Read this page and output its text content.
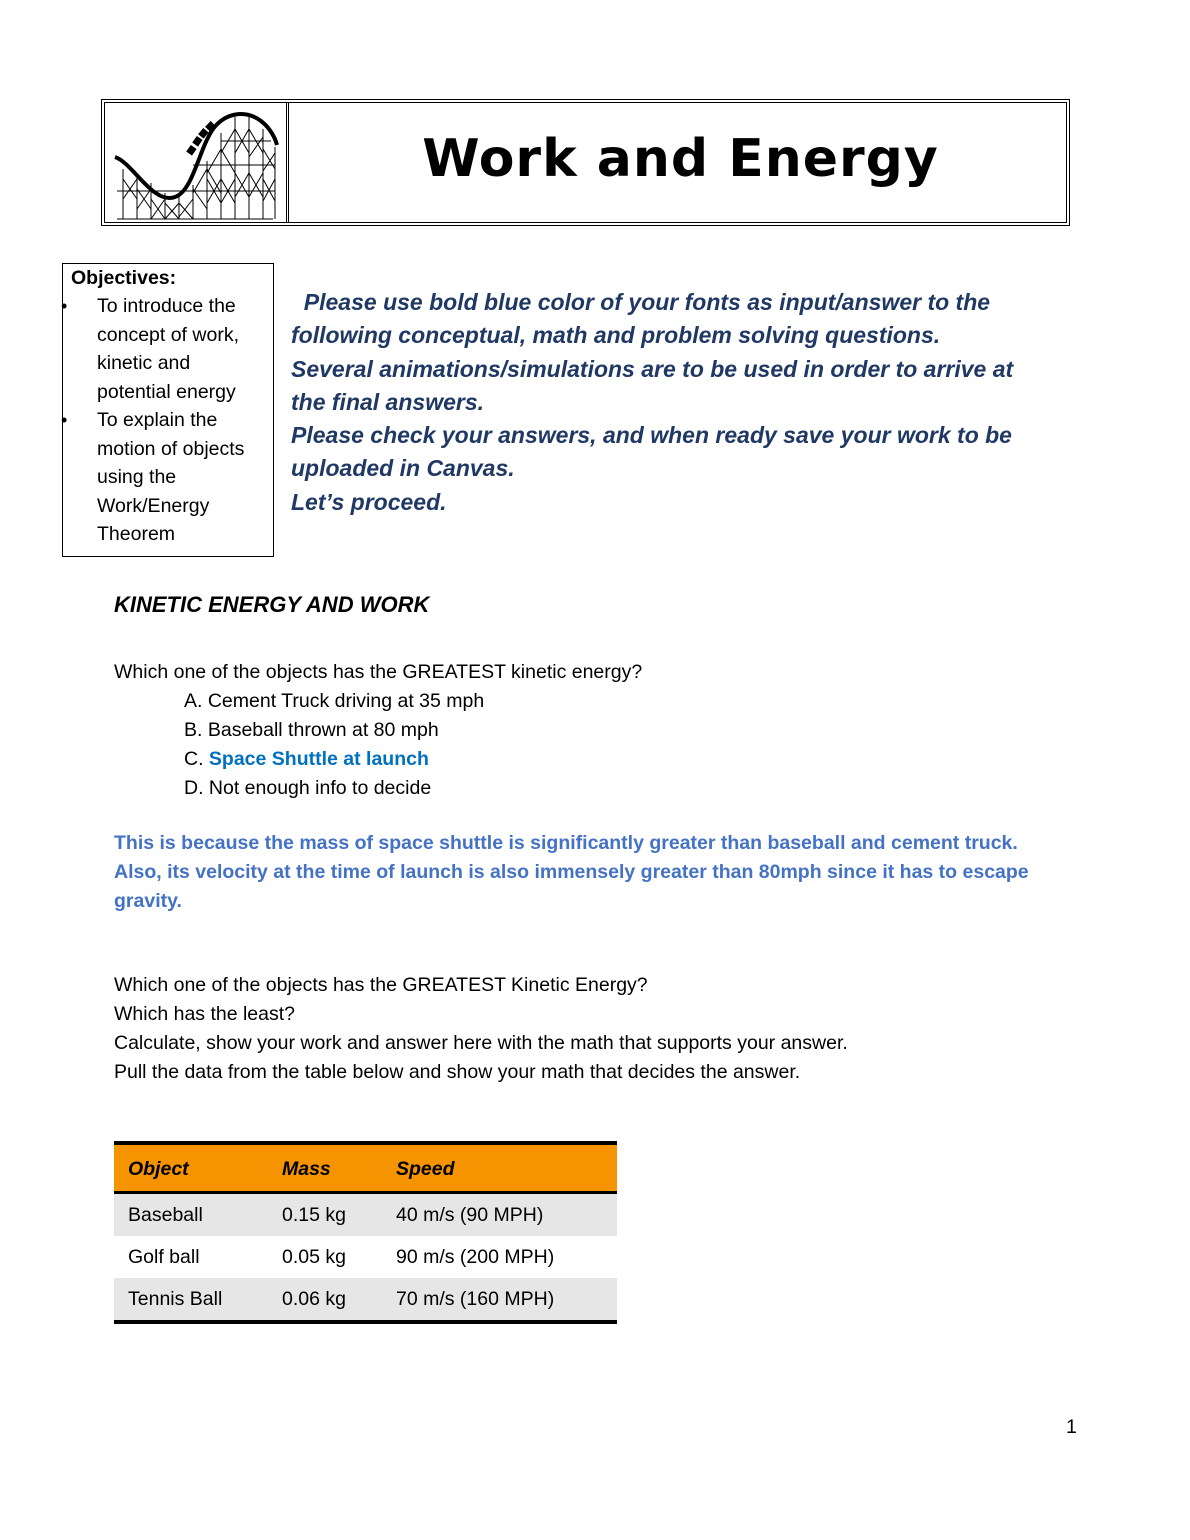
Work and Energy
Objectives:
• To introduce the
concept of work,
kinetic and
potential energy
• To explain the
motion of objects
using the
Work/Energy
Theorem
Please use bold blue color of your fonts as input/answer to the
following conceptual, math and problem solving questions.
Several animations/simulations are to be used in order to arrive at
the final answers.
Please check your answers, and when ready save your work to be
uploaded in Canvas.
Let’s proceed.
KINETIC ENERGY AND WORK
Which one of the objects has the GREATEST kinetic energy?
A. Cement Truck driving at 35 mph
B. Baseball thrown at 80 mph
C. Space Shuttle at launch
D. Not enough info to decide
This is because the mass of space shuttle is significantly greater than baseball and cement truck.
Also, its velocity at the time of launch is also immensely greater than 80mph since it has to escape
gravity.
Which one of the objects has the GREATEST Kinetic Energy?
Which has the least?
Calculate, show your work and answer here with the math that supports your answer.
Pull the data from the table below and show your math that decides the answer.
Object	Mass	Speed
Baseball	0.15 kg	40 m/s (90 MPH)
Golf ball	0.05 kg	90 m/s (200 MPH)
Tennis Ball	0.06 kg	70 m/s (160 MPH)
1
